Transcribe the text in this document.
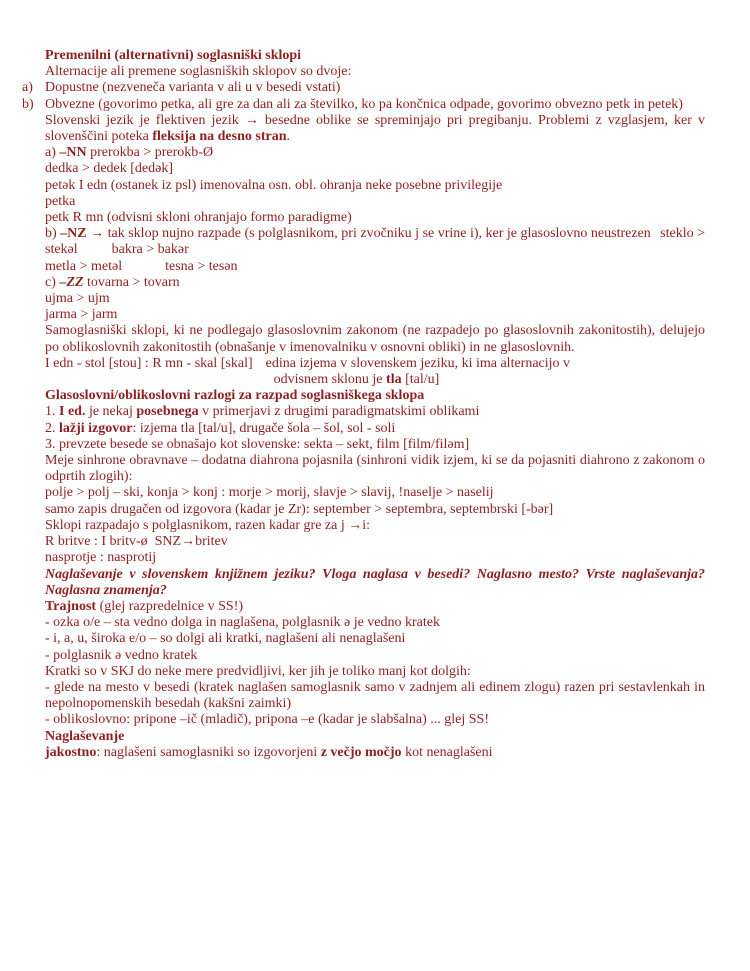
Premenilni (alternativni) soglasniški sklopi

Alternacije ali premene soglasniških sklopov so dvoje:

a) Dopustne (nezveneča varianta v ali u v besedi vstati)
b) Obvezne (govorimo petka, ali gre za dan ali za številko, ko pa končnica odpade, govorimo obvezno petk in petek)

Slovenski jezik je flektiven jezik → besedne oblike se spreminjajo pri pregibanju. Problemi z vzglasjem, ker v slovenščini poteka fleksija na desno stran.

a) –NN prerokba > prerokb-Ø
dedka > dedek [dedək]
petək I edn (ostanek iz psl) imenovalna osn. obl. ohranja neke posebne privilegije
petka
petk R mn (odvisni skloni ohranjajo formo paradigme)
b) –NZ → tak sklop nujno razpade (s polglasnikom, pri zvočniku j se vrine i), ker je glasoslovno neustrezen steklo >
stekəl bakra > bakər
metla > metəl	tesna > tesən
c) –ZZ tovarna > tovarn
ujma > ujm
jarma > jarm

Samoglasniški sklopi, ki ne podlegajo glasoslovnim zakonom (ne razpadejo po glasoslovnih zakonitostih), delujejo po oblikoslovnih zakonitostih (obnašanje v imenovalniku v osnovni obliki) in ne glasoslovnih.

I edn - stol [stou] : R mn - skal [skal] edina izjema v slovenskem jeziku, ki ima alternacijo v
odvisnem sklonu je tla [tal/u]

Glasoslovni/oblikoslovni razlogi za razpad soglasniškega sklopa

1. I ed. je nekaj posebnega v primerjavi z drugimi paradigmatskimi oblikami
2. lažji izgovor: izjema tla [tal/u], drugače šola – šol, sol - soli
3. prevzete besede se obnašajo kot slovenske: sekta – sekt, film [film/filəm]
Meje sinhrone obravnave – dodatna diahrona pojasnila (sinhroni vidik izjem, ki se da pojasniti diahrono z zakonom o odprtih zlogih):
polje > polj – ski, konja > konj : morje > morij, slavje > slavij, !naselje > naselij
samo zapis drugačen od izgovora (kadar je Zr): september > septembra, septembrski [-bər]
Sklopi razpadajo s polglasnikom, razen kadar gre za j →i:
R britve : I britv-ø  SNZ→britev
nasprotje : nasprotij

Naglaševanje v slovenskem knjižnem jeziku? Vloga naglasa v besedi? Naglasno mesto? Vrste naglaševanja? Naglasna znamenja?

Trajnost (glej razpredelnice v SS!)
- ozka o/e – sta vedno dolga in naglašena, polglasnik ə je vedno kratek
- i, a, u, široka e/o – so dolgi ali kratki, naglašeni ali nenaglašeni
- polglasnik ə vedno kratek
Kratki so v SKJ do neke mere predvidljivi, ker jih je toliko manj kot dolgih:
- glede na mesto v besedi (kratek naglašen samoglasnik samo v zadnjem ali edinem zlogu) razen pri sestavlenkah in nepolnopomenskih besedah (kakšni zaimki)
- oblikoslovno: pripone –ič (mladič), pripona –e (kadar je slabšalna) ... glej SS!

Naglaševanje

jakostno: naglašeni samoglasniki so izgovorjeni z večjo močjo kot nenaglašeni
